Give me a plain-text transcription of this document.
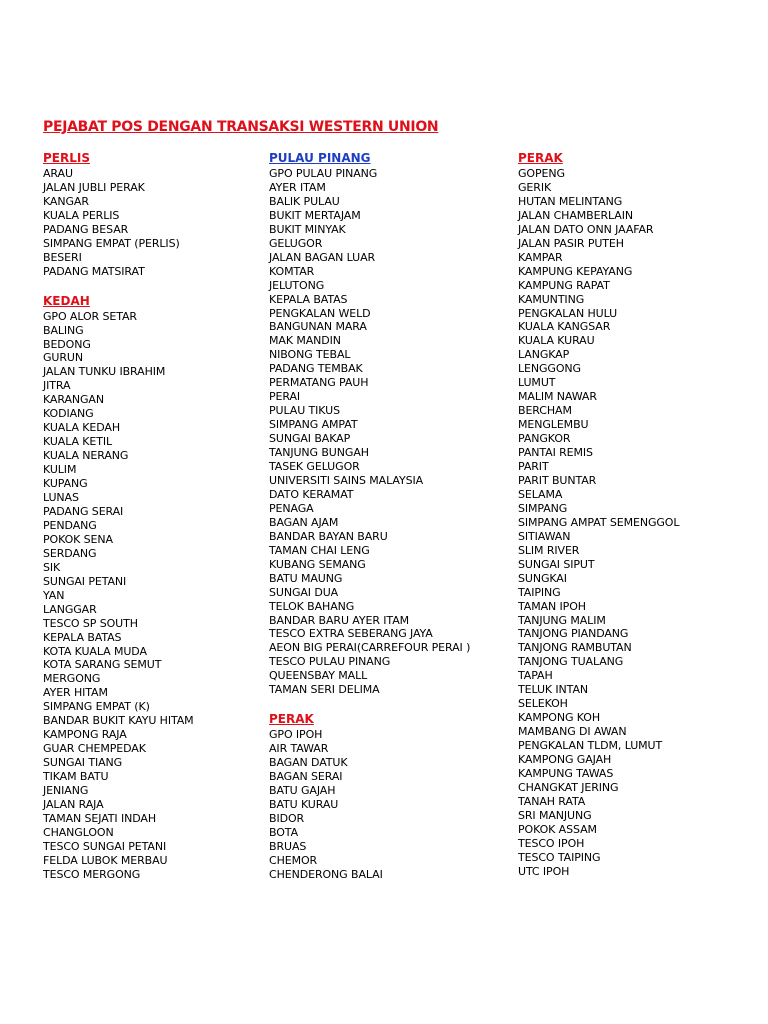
PEJABAT POS DENGAN TRANSAKSI WESTERN UNION
PERLIS
ARAU
JALAN JUBLI PERAK
KANGAR
KUALA PERLIS
PADANG BESAR
SIMPANG EMPAT (PERLIS)
BESERI
PADANG MATSIRAT
KEDAH
GPO ALOR SETAR
BALING
BEDONG
GURUN
JALAN TUNKU IBRAHIM
JITRA
KARANGAN
KODIANG
KUALA KEDAH
KUALA KETIL
KUALA NERANG
KULIM
KUPANG
LUNAS
PADANG SERAI
PENDANG
POKOK SENA
SERDANG
SIK
SUNGAI PETANI
YAN
LANGGAR
TESCO SP SOUTH
KEPALA BATAS
KOTA KUALA MUDA
KOTA SARANG SEMUT
MERGONG
AYER HITAM
SIMPANG EMPAT (K)
BANDAR BUKIT KAYU HITAM
KAMPONG RAJA
GUAR CHEMPEDAK
SUNGAI TIANG
TIKAM BATU
JENIANG
JALAN RAJA
TAMAN SEJATI INDAH
CHANGLOON
TESCO SUNGAI PETANI
FELDA LUBOK MERBAU
TESCO MERGONG
PULAU PINANG
GPO PULAU PINANG
AYER ITAM
BALIK PULAU
BUKIT MERTAJAM
BUKIT MINYAK
GELUGOR
JALAN BAGAN LUAR
KOMTAR
JELUTONG
KEPALA BATAS
PENGKALAN WELD
BANGUNAN MARA
MAK MANDIN
NIBONG TEBAL
PADANG TEMBAK
PERMATANG PAUH
PERAI
PULAU TIKUS
SIMPANG AMPAT
SUNGAI BAKAP
TANJUNG BUNGAH
TASEK GELUGOR
UNIVERSITI SAINS MALAYSIA
DATO KERAMAT
PENAGA
BAGAN AJAM
BANDAR BAYAN BARU
TAMAN CHAI LENG
KUBANG SEMANG
BATU MAUNG
SUNGAI DUA
TELOK BAHANG
BANDAR BARU AYER ITAM
TESCO EXTRA SEBERANG JAYA
AEON BIG PERAI(CARREFOUR PERAI )
TESCO PULAU PINANG
QUEENSBAY MALL
TAMAN SERI DELIMA
PERAK
GPO IPOH
AIR TAWAR
BAGAN DATUK
BAGAN SERAI
BATU GAJAH
BATU KURAU
BIDOR
BOTA
BRUAS
CHEMOR
CHENDERONG BALAI
PERAK
GOPENG
GERIK
HUTAN MELINTANG
JALAN CHAMBERLAIN
JALAN DATO ONN JAAFAR
JALAN PASIR PUTEH
KAMPAR
KAMPUNG KEPAYANG
KAMPUNG RAPAT
KAMUNTING
PENGKALAN HULU
KUALA KANGSAR
KUALA KURAU
LANGKAP
LENGGONG
LUMUT
MALIM NAWAR
BERCHAM
MENGLEMBU
PANGKOR
PANTAI REMIS
PARIT
PARIT BUNTAR
SELAMA
SIMPANG
SIMPANG AMPAT SEMENGGOL
SITIAWAN
SLIM RIVER
SUNGAI SIPUT
SUNGKAI
TAIPING
TAMAN IPOH
TANJUNG MALIM
TANJONG PIANDANG
TANJONG RAMBUTAN
TANJONG TUALANG
TAPAH
TELUK INTAN
SELEKOH
KAMPONG KOH
MAMBANG DI AWAN
PENGKALAN TLDM, LUMUT
KAMPONG GAJAH
KAMPUNG TAWAS
CHANGKAT JERING
TANAH RATA
SRI MANJUNG
POKOK ASSAM
TESCO IPOH
TESCO TAIPING
UTC IPOH
